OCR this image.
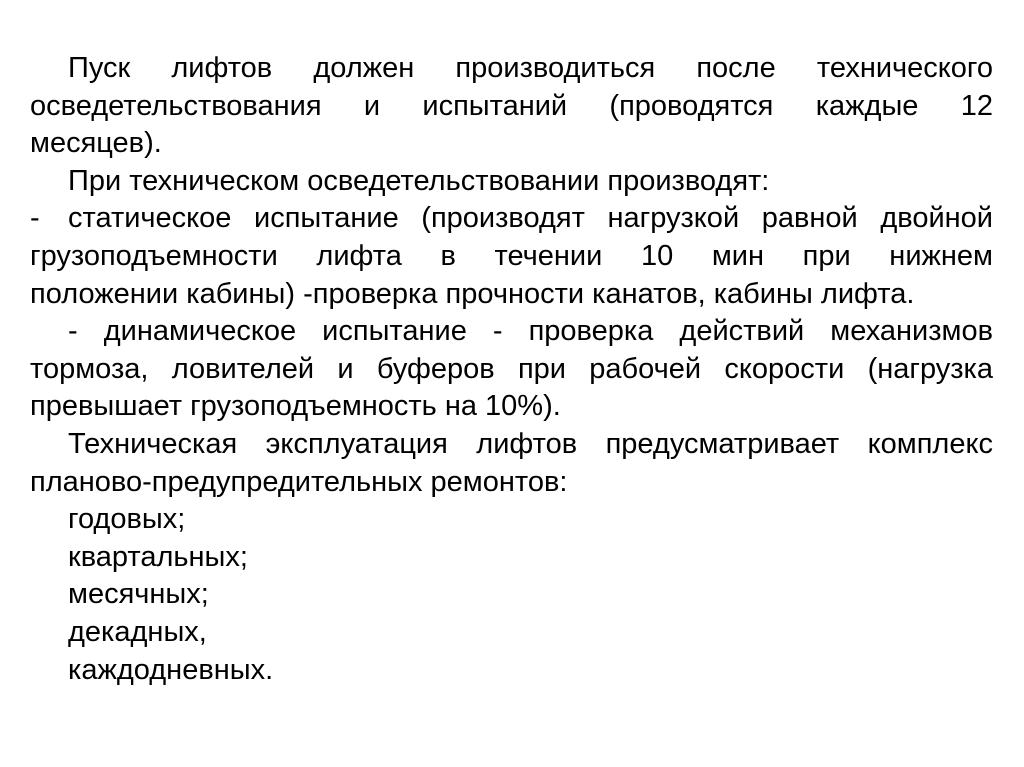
Пуск лифтов должен производиться после технического

осведетельствования и испытаний (проводятся каждые 12

месяцев).

При техническом осведетельствовании производят:

- статическое испытание (производят нагрузкой равной двойной

грузоподъемности лифта в течении 10 мин при нижнем

положении кабины) -проверка прочности канатов, кабины лифта.

- динамическое испытание - проверка действий механизмов

тормоза, ловителей и буферов при рабочей скорости (нагрузка

превышает грузоподъемность на 10%).

Техническая эксплуатация лифтов предусматривает комплекс

планово-предупредительных ремонтов:

годовых;

квартальных;

месячных;

декадных,

каждодневных.
